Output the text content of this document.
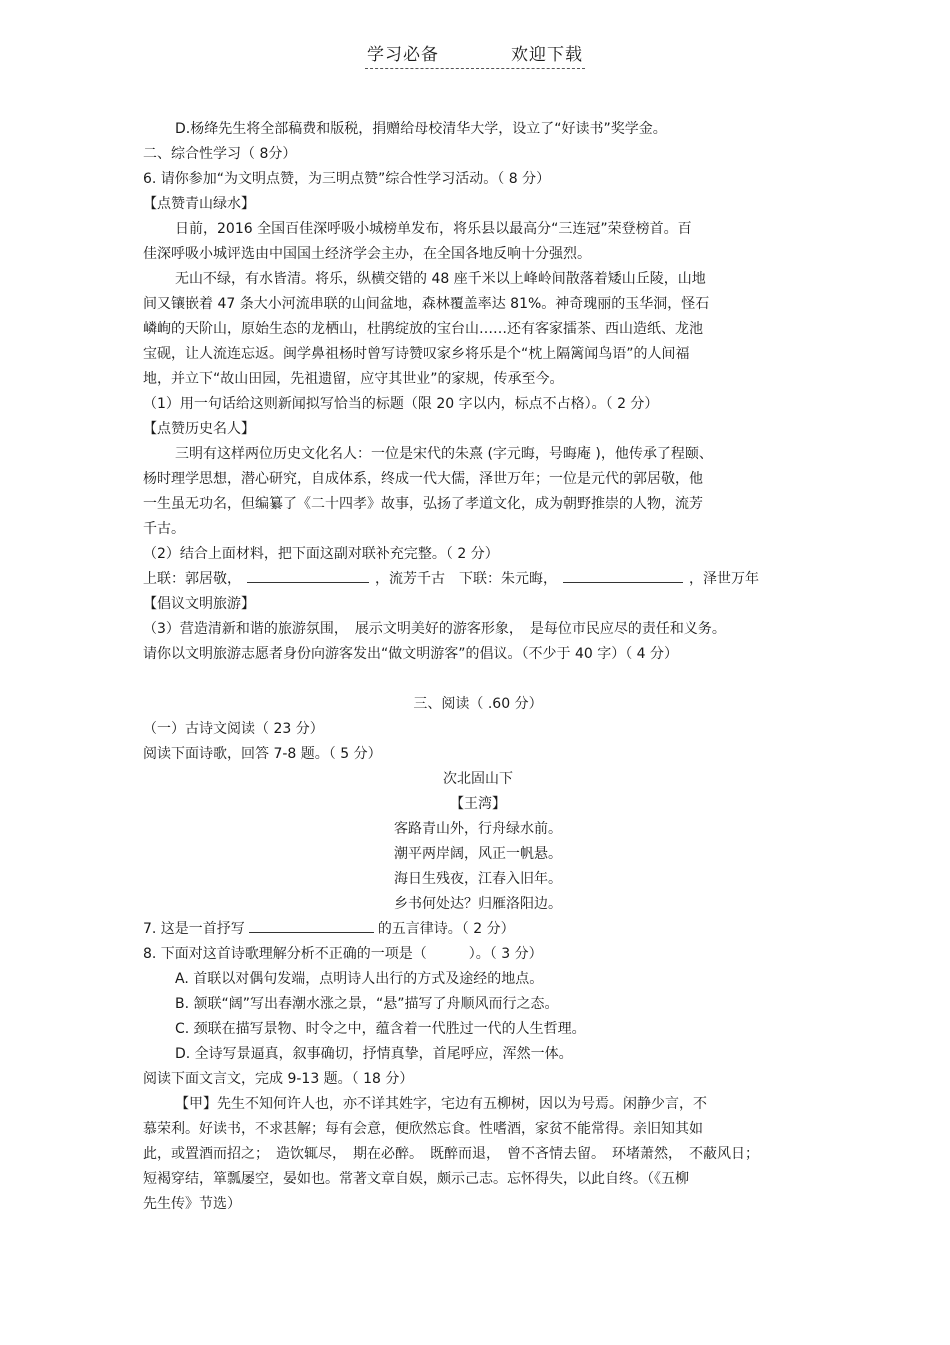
学习必备	欢迎下载
D.杨绛先生将全部稿费和版税，捐赠给母校清华大学，设立了“好读书”奖学金。
二、综合性学习（ 8分）
6. 请你参加“为文明点赞，为三明点赞”综合性学习活动。（ 8 分）
【点赞青山绿水】
日前，2016 全国百佳深呼吸小城榜单发布，将乐县以最高分“三连冠”荣登榜首。百
佳深呼吸小城评选由中国国土经济学会主办，在全国各地反响十分强烈。
无山不绿，有水皆清。将乐，纵横交错的 48 座千米以上峰岭间散落着矮山丘陵，山地
间又镶嵌着 47 条大小河流串联的山间盆地，森林覆盖率达 81%。神奇瑰丽的玉华洞，怪石
嶙峋的天阶山，原始生态的龙栖山，杜鹃绽放的宝台山……还有客家擂茶、西山造纸、龙池
宝砚，让人流连忘返。闽学鼻祖杨时曾写诗赞叹家乡将乐是个“枕上隔篱闻鸟语”的人间福
地，并立下“故山田园，先祖遗留，应守其世业”的家规，传承至今。
（1）用一句话给这则新闻拟写恰当的标题（限 20 字以内，标点不占格）。（ 2 分）
【点赞历史名人】
三明有这样两位历史文化名人：一位是宋代的朱熹 (字元晦，号晦庵 )，他传承了程颐、
杨时理学思想，潜心研究，自成体系，终成一代大儒，泽世万年；一位是元代的郭居敬，他
一生虽无功名，但编纂了《二十四孝》故事，弘扬了孝道文化，成为朝野推崇的人物，流芳
千古。
（2）结合上面材料，把下面这副对联补充完整。（ 2 分）
上联：郭居敬，	，流芳千古　下联：朱元晦，	，泽世万年
【倡议文明旅游】
（3）营造清新和谐的旅游氛围，　展示文明美好的游客形象，　是每位市民应尽的责任和义务。
请你以文明旅游志愿者身份向游客发出“做文明游客”的倡议。（不少于 40 字）（ 4 分）
三、阅读（ .60 分）
（一）古诗文阅读（ 23 分）
阅读下面诗歌，回答 7-8 题。（ 5 分）
次北固山下
【王湾】
客路青山外，行舟绿水前。
潮平两岸阔，风正一帆悬。
海日生残夜，江春入旧年。
乡书何处达？归雁洛阳边。
7. 这是一首抒写	的五言律诗。（ 2 分）
8. 下面对这首诗歌理解分析不正确的一项是（　　　）。（ 3 分）
A. 首联以对偶句发端，点明诗人出行的方式及途经的地点。
B. 颔联“阔”写出春潮水涨之景，“悬”描写了舟顺风而行之态。
C. 颈联在描写景物、时令之中，蕴含着一代胜过一代的人生哲理。
D. 全诗写景逼真，叙事确切，抒情真挚，首尾呼应，浑然一体。
阅读下面文言文，完成 9-13 题。（ 18 分）
【甲】先生不知何许人也，亦不详其姓字，宅边有五柳树，因以为号焉。闲静少言，不
慕荣利。好读书，不求甚解；每有会意，便欣然忘食。性嗜酒，家贫不能常得。亲旧知其如
此，或置酒而招之；　造饮辄尽，　期在必醉。　既醉而退，　曾不吝情去留。　环堵萧然，　不蔽风日；
短褐穿结，箪瓢屡空，晏如也。常著文章自娱，颇示己志。忘怀得失，以此自终。（《五柳
先生传》节选）
